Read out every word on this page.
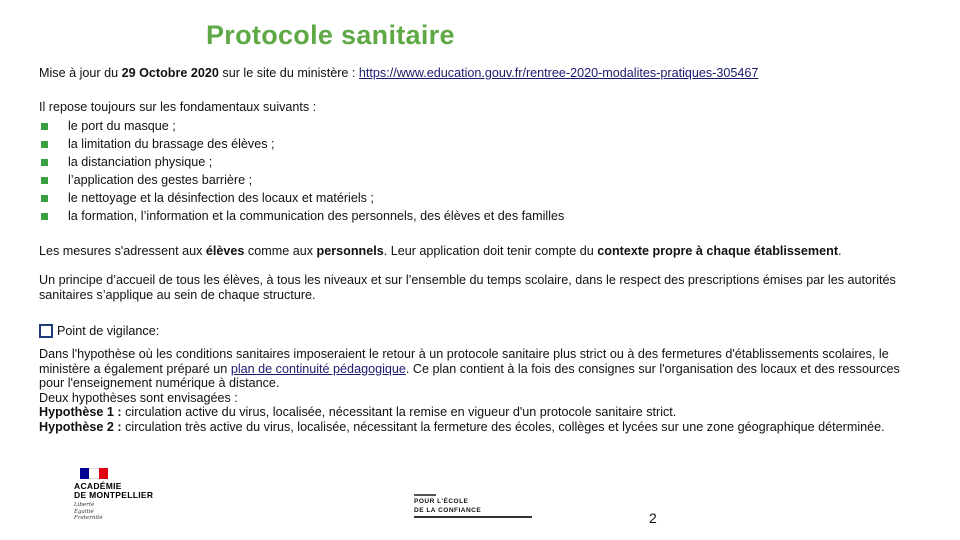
Protocole sanitaire
Mise à jour du 29 Octobre 2020 sur le site du ministère : https://www.education.gouv.fr/rentree-2020-modalites-pratiques-305467
Il repose toujours sur les fondamentaux suivants :
le port du masque ;
la limitation du brassage des élèves ;
la distanciation physique ;
l’application des gestes barrière ;
le nettoyage et la désinfection des locaux et matériels ;
la formation, l’information et la communication des personnels, des élèves et des familles
Les mesures s'adressent aux élèves comme aux personnels. Leur application doit tenir compte du contexte propre à chaque établissement.
Un principe d’accueil de tous les élèves, à tous les niveaux et sur l’ensemble du temps scolaire, dans le respect des prescriptions émises par les autorités sanitaires s’applique au sein de chaque structure.
Point de vigilance:

Dans l'hypothèse où les conditions sanitaires imposeraient le retour à un protocole sanitaire plus strict ou à des fermetures d'établissements scolaires, le ministère a également préparé un plan de continuité pédagogique. Ce plan contient à la fois des consignes sur l'organisation des locaux et des ressources pour l'enseignement numérique à distance.

Deux hypothèses sont envisagées :

Hypothèse 1 : circulation active du virus, localisée, nécessitant la remise en vigueur d'un protocole sanitaire strict.

Hypothèse 2 : circulation très active du virus, localisée, nécessitant la fermeture des écoles, collèges et lycées sur une zone géographique déterminée.

ACADÉMIE
DE MONTPELLIER
Liberté
Égalité
Fraternité
POUR L’ÉCOLE
DE LA CONFIANCE	2
